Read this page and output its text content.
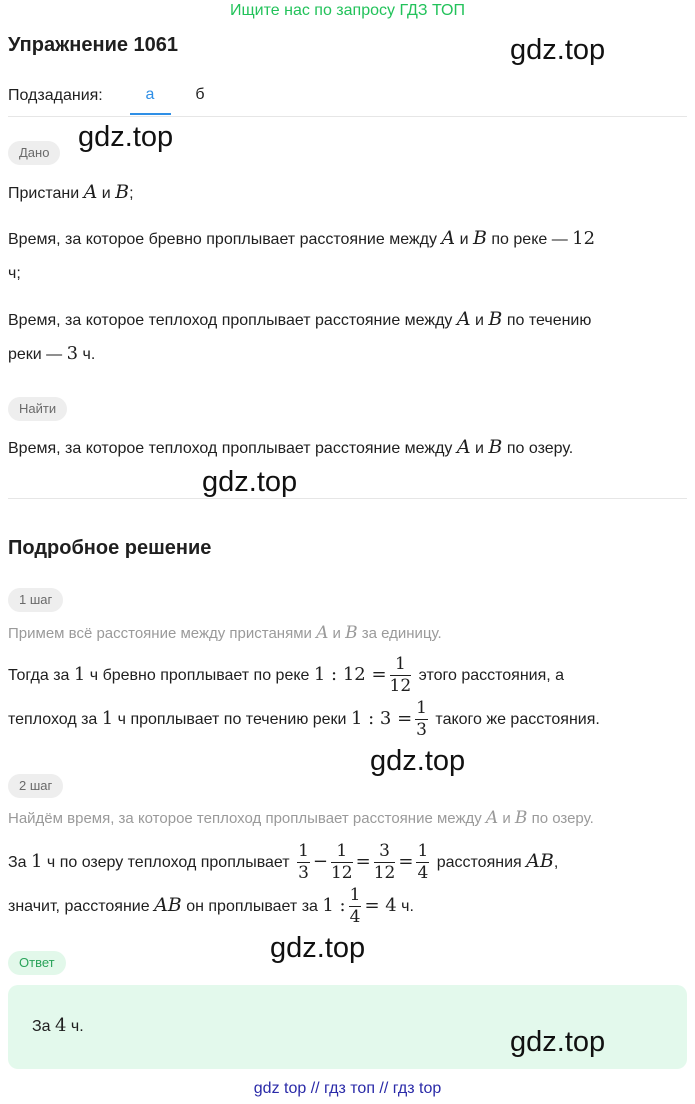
Ищите нас по запросу ГДЗ ТОП
Упражнение 1061	gdz.top
Подзадания:	а	б
Дано gdz.top
Пристани A и B;
Время, за которое бревно проплывает расстояние между A и B по реке — 12
ч;
Время, за которое теплоход проплывает расстояние между A и B по течению
реки — 3 ч.
Найти
Время, за которое теплоход проплывает расстояние между A и B по озеру.
gdz.top
Подробное решение
1 шаг
Примем всё расстояние между пристанями A и B за единицу.
Тогда за 1 ч бревно проплывает по реке 1 : $12 = \frac{1}{12}$ этого расстояния, а
теплоход за 1 ч проплывает по течению реки 1 : $3 = \frac{1}{3}$ такого же расстояния.
gdz.top
2 шаг
Найдём время, за которое теплоход проплывает расстояние между A и B по озеру.
За 1 ч по озеру теплоход проплывает $\frac{1}{3} - \frac{1}{12} = \frac{3}{12} = \frac{1}{4}$ расстояния AB,
значит, расстояние AB он проплывает за 1 : $\frac{1}{4} = 4$ ч.
gdz.top
Ответ
За 4 ч.	gdz.top
gdz top // гдз топ // гдз top
